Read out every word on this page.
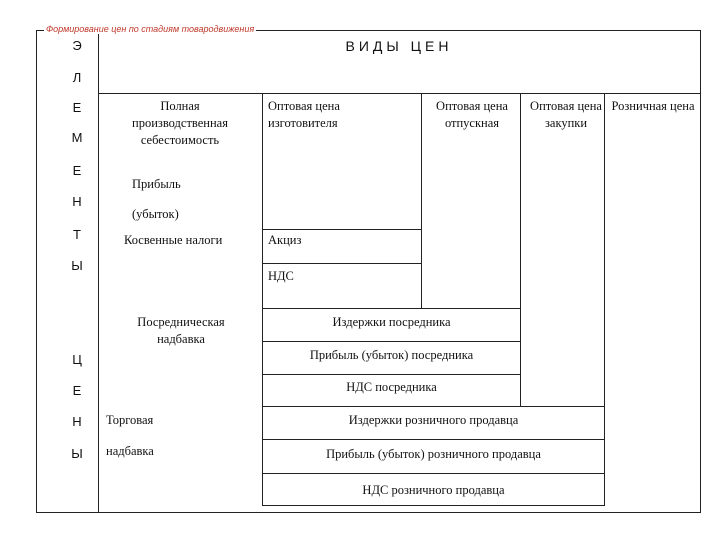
Формирование цен по стадиям товародвижения
ВИДЫ ЦЕН
Э
Л
Е
М
Е
Н
Т
Ы
Ц
Е
Н
Ы
Полная производственная себестоимость
Оптовая цена изготовителя
Оптовая цена отпускная
Оптовая цена закупки
Розничная цена
Прибыль
(убыток)
Косвенные налоги	Акциз
НДС
Посредническая надбавка
Издержки посредника
Прибыль (убыток) посредника
НДС посредника
Торговая
надбавка
Издержки розничного продавца
Прибыль (убыток) розничного продавца
НДС розничного продавца
